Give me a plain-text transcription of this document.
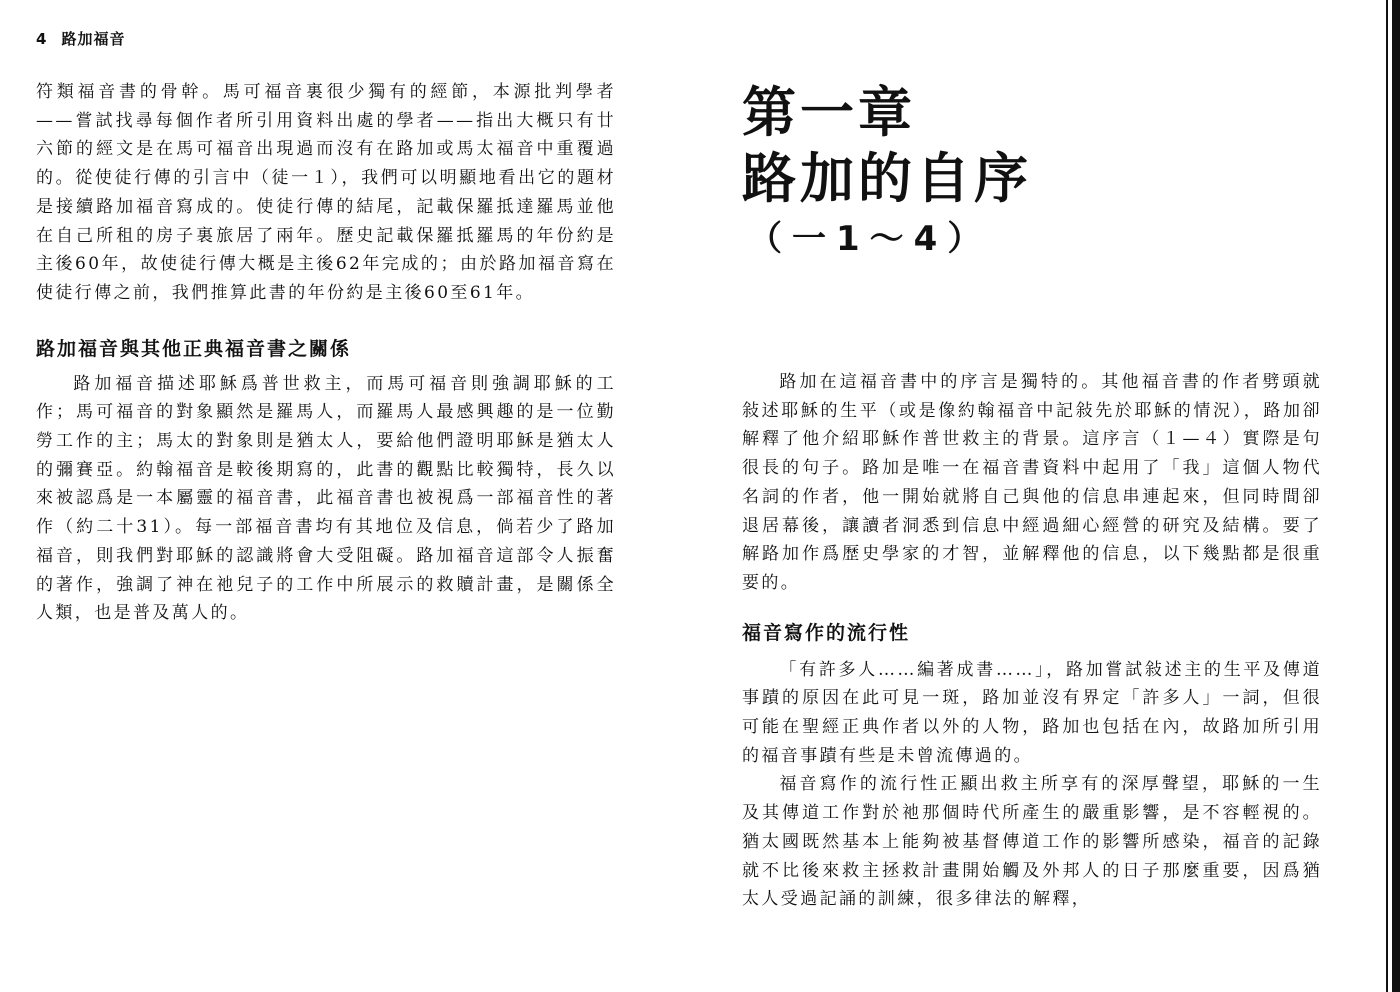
4 路加福音

符類福音書的骨幹。馬可福音裏很少獨有的經節，本源批判學者——嘗試找尋每個作者所引用資料出處的學者——指出大概只有廿六節的經文是在馬可福音出現過而沒有在路加或馬太福音中重覆過的。從使徒行傳的引言中（徒一１），我們可以明顯地看出它的題材是接續路加福音寫成的。使徒行傳的結尾，記載保羅抵達羅馬並他在自己所租的房子裏旅居了兩年。歷史記載保羅抵羅馬的年份約是主後60年，故使徒行傳大概是主後62年完成的；由於路加福音寫在使徒行傳之前，我們推算此書的年份約是主後60至61年。

路加福音與其他正典福音書之關係

路加福音描述耶穌爲普世救主，而馬可福音則強調耶穌的工作；馬可福音的對象顯然是羅馬人，而羅馬人最感興趣的是一位勤勞工作的主；馬太的對象則是猶太人，要給他們證明耶穌是猶太人的彌賽亞。約翰福音是較後期寫的，此書的觀點比較獨特，長久以來被認爲是一本屬靈的福音書，此福音書也被視爲一部福音性的著作（約二十31）。每一部福音書均有其地位及信息，倘若少了路加福音，則我們對耶穌的認識將會大受阻礙。路加福音這部令人振奮的著作，強調了神在祂兒子的工作中所展示的救贖計畫，是關係全人類，也是普及萬人的。

第一章
路加的自序
（一1～4）

路加在這福音書中的序言是獨特的。其他福音書的作者劈頭就敍述耶穌的生平（或是像約翰福音中記敍先於耶穌的情況），路加卻解釋了他介紹耶穌作普世救主的背景。這序言（１—４）實際是句很長的句子。路加是唯一在福音書資料中起用了「我」這個人物代名詞的作者，他一開始就將自己與他的信息串連起來，但同時間卻退居幕後，讓讀者洞悉到信息中經過細心經營的研究及結構。要了解路加作爲歷史學家的才智，並解釋他的信息，以下幾點都是很重要的。

福音寫作的流行性

「有許多人……編著成書……」，路加嘗試敍述主的生平及傳道事蹟的原因在此可見一斑，路加並沒有界定「許多人」一詞，但很可能在聖經正典作者以外的人物，路加也包括在內，故路加所引用的福音事蹟有些是未曾流傳過的。

福音寫作的流行性正顯出救主所享有的深厚聲望，耶穌的一生及其傳道工作對於祂那個時代所產生的嚴重影響，是不容輕視的。猶太國既然基本上能夠被基督傳道工作的影響所感染，福音的記錄就不比後來救主拯救計畫開始觸及外邦人的日子那麼重要，因爲猶太人受過記誦的訓練，很多律法的解釋，
